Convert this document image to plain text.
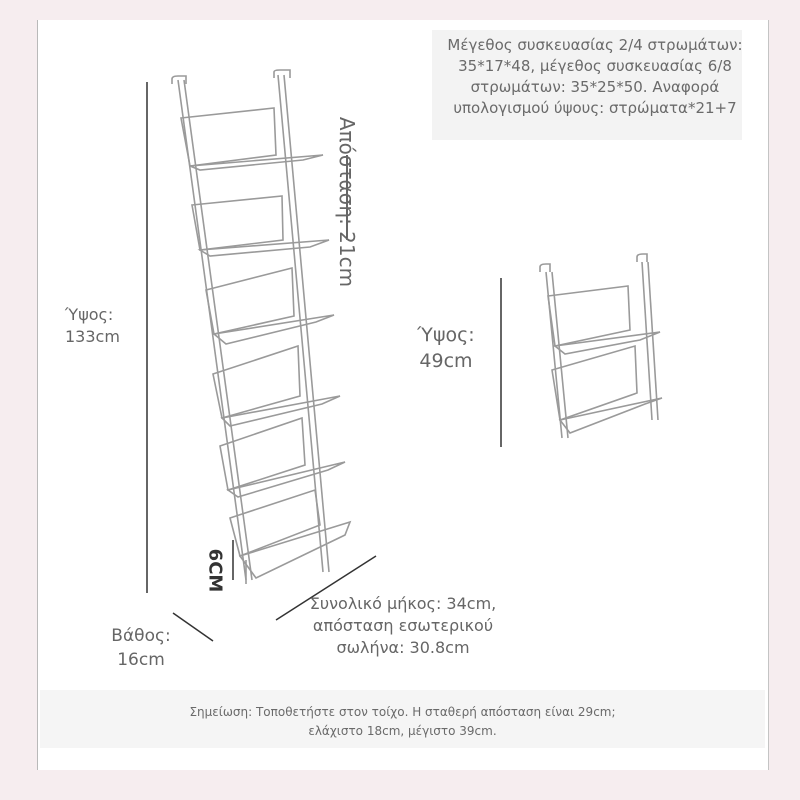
Μέγεθος συσκευασίας 2/4 στρωμάτων: 35*17*48, μέγεθος συσκευασίας 6/8 στρωμάτων: 35*25*50. Αναφορά υπολογισμού ύψους: στρώματα*21+7
Ύψος:
133cm
Απόσταση: 21cm
Ύψος:
49cm
Βάθος:
16cm
Συνολικό μήκος: 34cm,
απόσταση εσωτερικού
σωλήνα: 30.8cm
6CM
Σημείωση: Τοποθετήστε στον τοίχο. Η σταθερή απόσταση είναι 29cm;
ελάχιστο 18cm, μέγιστο 39cm.
